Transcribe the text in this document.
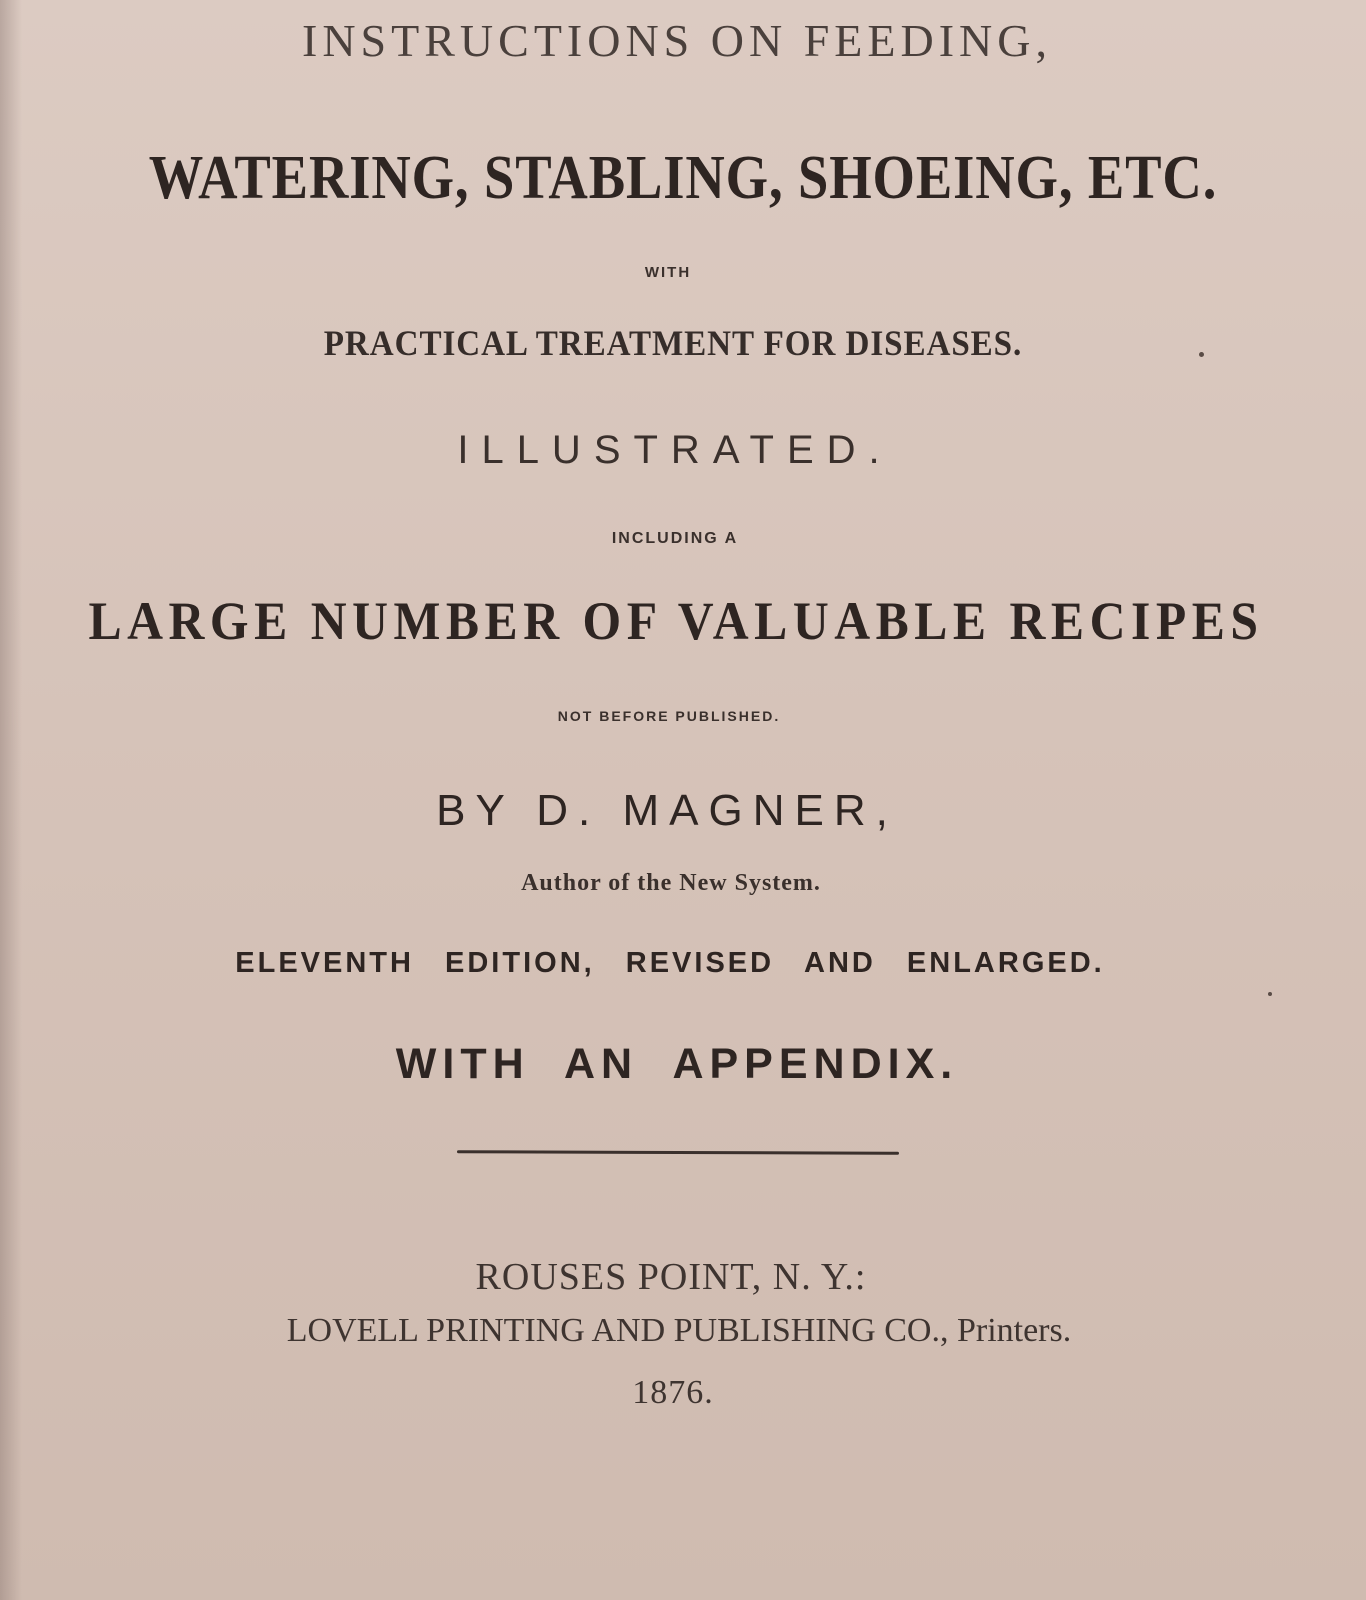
INSTRUCTIONS ON FEEDING,

WATERING, STABLING, SHOEING, ETC.

WITH

PRACTICAL TREATMENT FOR DISEASES.

ILLUSTRATED.

INCLUDING A

LARGE NUMBER OF VALUABLE RECIPES

NOT BEFORE PUBLISHED.

BY D. MAGNER,

Author of the New System.

ELEVENTH EDITION, REVISED AND ENLARGED.

WITH AN APPENDIX.

ROUSES POINT, N. Y.:

LOVELL PRINTING AND PUBLISHING CO., Printers.

1876.
